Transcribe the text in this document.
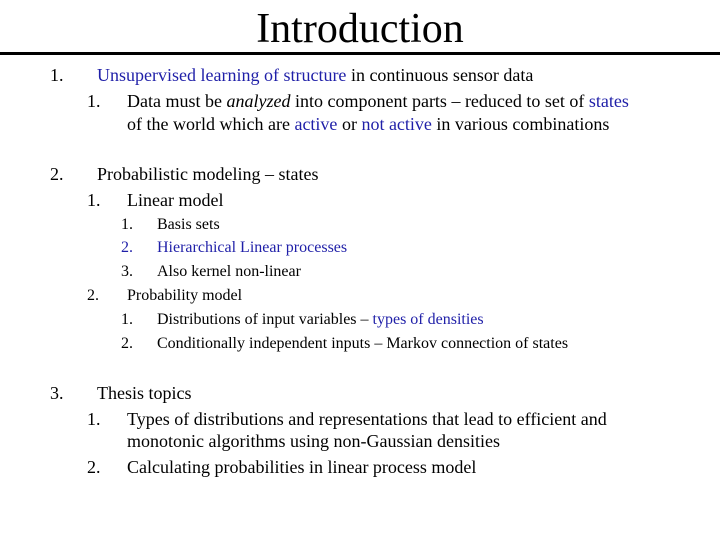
Introduction
1. Unsupervised learning of structure in continuous sensor data
1. Data must be analyzed into component parts – reduced to set of states
of the world which are active or not active in various combinations
2. Probabilistic modeling – states
1. Linear model
1. Basis sets
2. Hierarchical Linear processes
3. Also kernel non-linear
2. Probability model
1. Distributions of input variables – types of densities
2. Conditionally independent inputs – Markov connection of states
3. Thesis topics
1. Types of distributions and representations that lead to efficient and
monotonic algorithms using non-Gaussian densities
2. Calculating probabilities in linear process model
